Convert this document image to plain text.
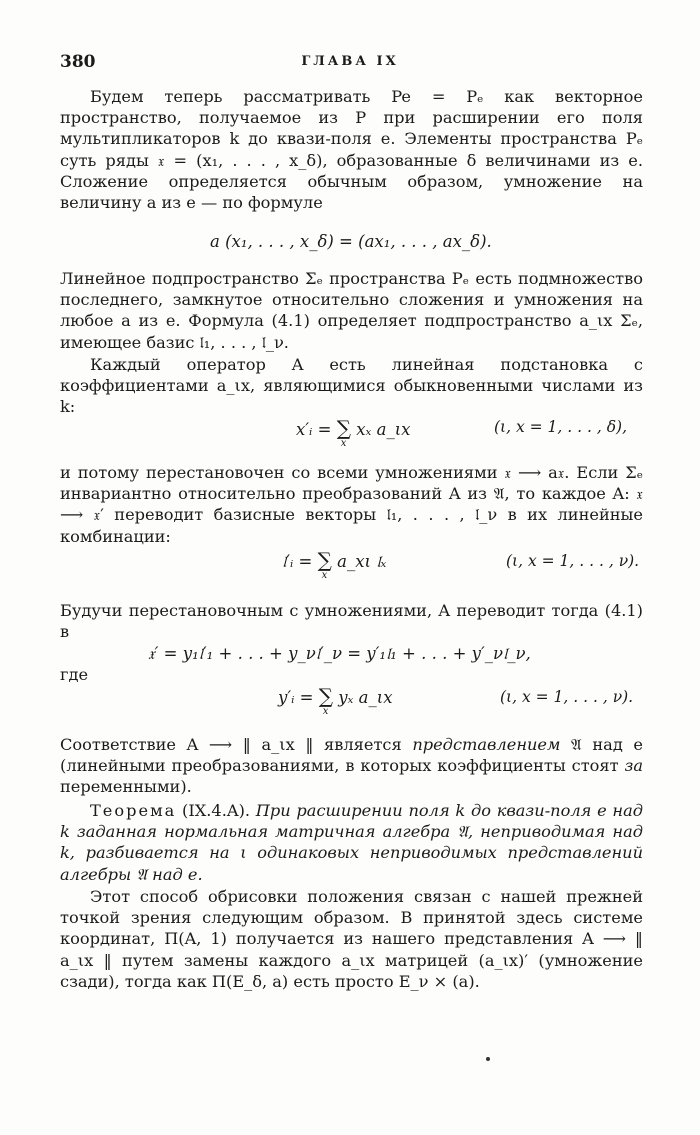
380	ГЛАВА IX

Будем теперь рассматривать Pe = Pₑ как векторное пространство, получаемое из P при расширении его поля мультипликаторов k до квази-поля e. Элементы пространства Pₑ суть ряды 𝔵 = (x₁, . . . , x_δ), образованные δ величинами из e. Сложение определяется обычным образом, умножение на величину a из e — по формуле

a (x₁, . . . , x_δ) = (ax₁, . . . , ax_δ).

Линейное подпространство Σₑ пространства Pₑ есть подмножество последнего, замкнутое относительно сложения и умножения на любое a из e. Формула (4.1) определяет подпространство a_ιx Σₑ, имеющее базис 𝔩₁, . . . , 𝔩_ν.

Каждый оператор A есть линейная подстановка с коэффициентами a_ιx, являющимися обыкновенными числами из k:

x′ᵢ = ∑
x
xₓ a_ιx	(ι, x = 1, . . . , δ),

и потому перестановочен со всеми умножениями 𝔵 ⟶ a𝔵. Если Σₑ инвариантно относительно преобразований A из 𝔄, то каждое A: 𝔵 ⟶ 𝔵′ переводит базисные векторы 𝔩₁, . . . , 𝔩_ν в их линейные комбинации:

𝔩′ᵢ = ∑
x
a_xι 𝔩ₓ	(ι, x = 1, . . . , ν).

Будучи перестановочным с умножениями, A переводит тогда (4.1) в

𝔵′ = y₁𝔩′₁ + . . . + y_ν𝔩′_ν = y′₁𝔩₁ + . . . + y′_ν𝔩_ν,
где
y′ᵢ = ∑
x
yₓ a_ιx	(ι, x = 1, . . . , ν).

Соответствие A ⟶ ‖ a_ιx ‖ является представлением 𝔄 над e (линейными преобразованиями, в которых коэффициенты стоят за переменными).

Теорема (IX.4.A). При расширении поля k до квази-поля e над k заданная нормальная матричная алгебра 𝔄, неприводимая над k, разбивается на ι одинаковых неприводимых представлений алгебры 𝔄 над e.

Этот способ обрисовки положения связан с нашей прежней точкой зрения следующим образом. В принятой здесь системе координат, Π(A, 1) получается из нашего представления A ⟶ ‖ a_ιx ‖ путем замены каждого a_ιx матрицей (a_ιx)′ (умножение сзади), тогда как Π(E_δ, a) есть просто E_ν × (a).
